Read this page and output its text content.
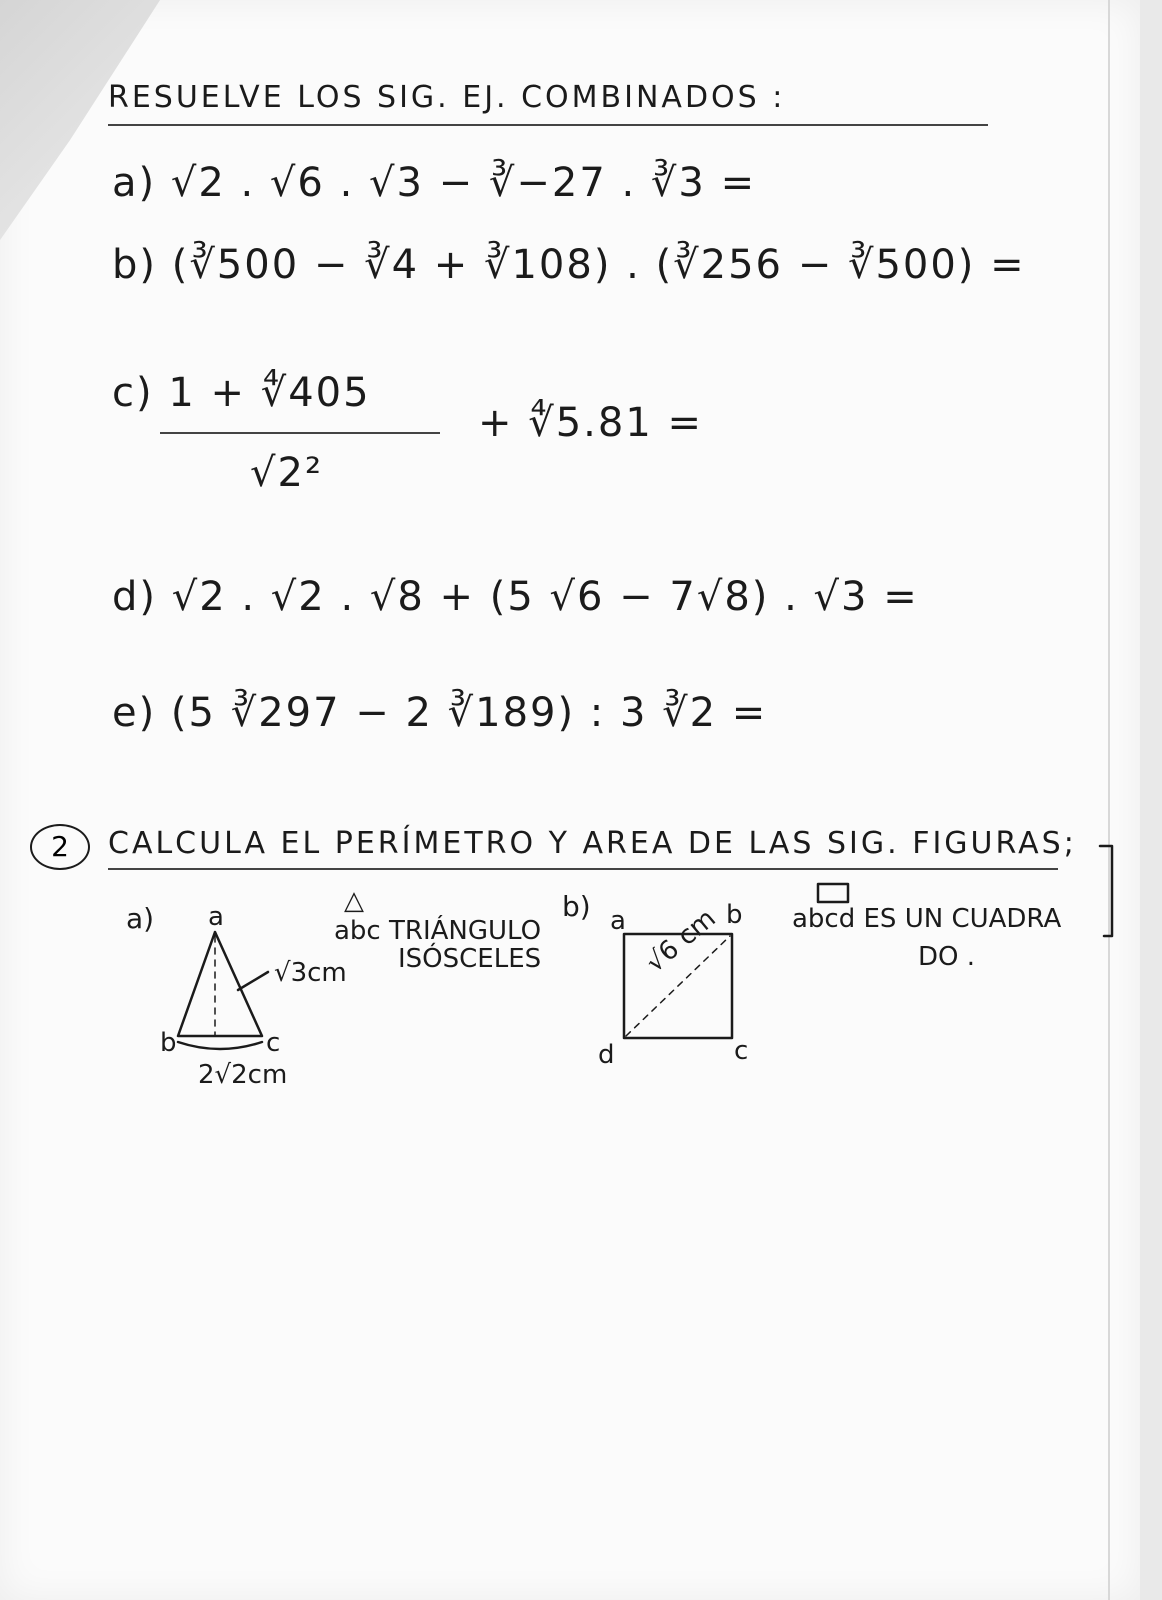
RESUELVE LOS SIG. EJ. COMBINADOS :
a) √2 . √6 . √3 − ∛−27 . ∛3 =
b) (∛500 − ∛4 + ∛108) . (∛256 − ∛500) =
c) 1 + ∜405
√2²
+ ∜5.81 =
d) √2 . √2 . √8 + (5 √6 − 7√8) . √3 =
e) (5 ∛297 − 2 ∛189) : 3 ∛2 =
2	CALCULA EL PERÍMETRO Y AREA DE LAS SIG. FIGURAS;
a) a
b	c
√3cm
2√2cm
△
abc TRIÁNGULO
ISÓSCELES
b) a	b
c
d
√6 cm	abcd ES UN CUADRA
DO .
